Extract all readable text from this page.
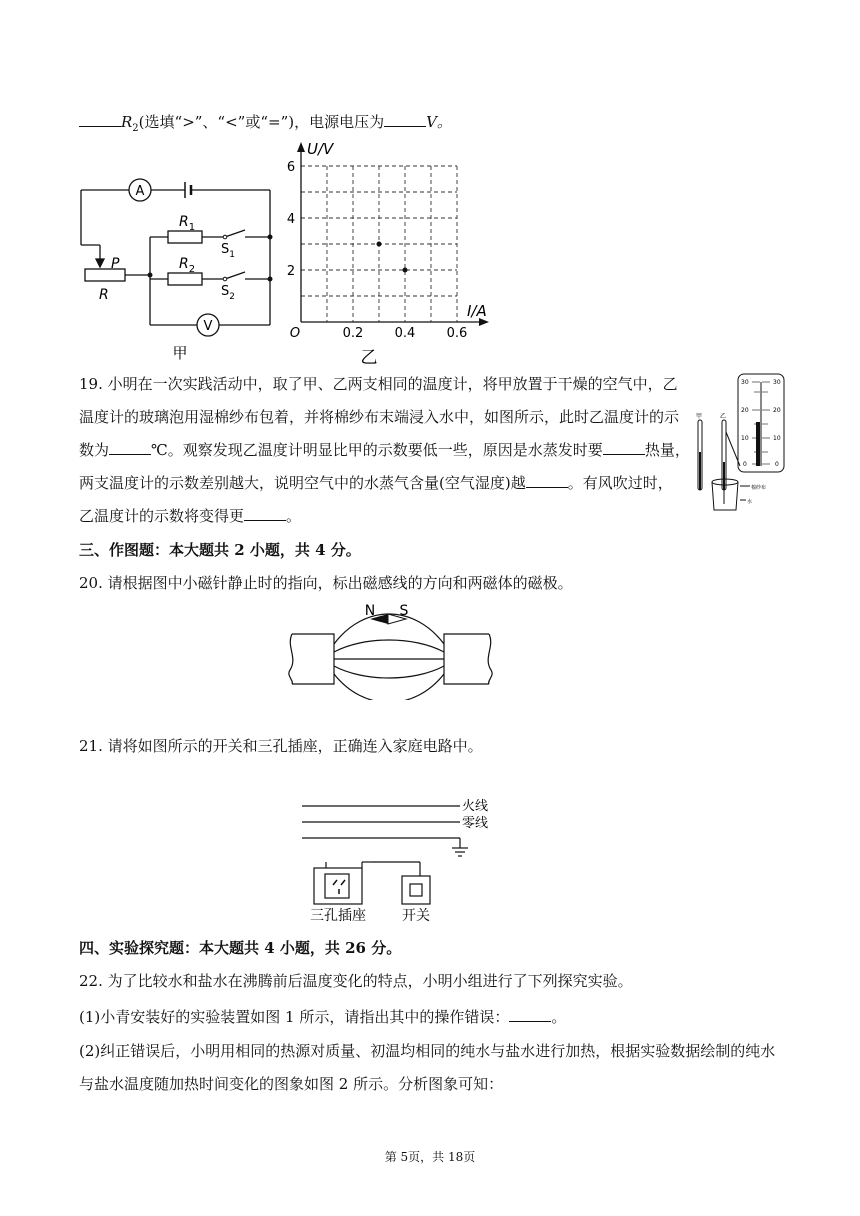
$R_2$(选填“>”、“<”或“=”)，电源电压为	V。
A
V
$R_1$
$R_2$
$S_1$
$S_2$
P
R
甲
U/V
I/A
O
6
4
2
0.2 0.4 0.6
乙
19. 小明在一次实践活动中，取了甲、乙两支相同的温度计，将甲放置于干燥的空气中，乙
温度计的玻璃泡用湿棉纱布包着，并将棉纱布末端浸入水中，如图所示，此时乙温度计的示
数为	℃。观察发现乙温度计明显比甲的示数要低一些，原因是水蒸发时要	热量，
两支温度计的示数差别越大，说明空气中的水蒸气含量(空气湿度)越	。有风吹过时，
乙温度计的示数将变得更	。
甲	乙
30	30
20	20
10	10
0	0
棉纱布
水
三、作图题：本大题共 2 小题，共 4 分。
20. 请根据图中小磁针静止时的指向，标出磁感线的方向和两磁体的磁极。
N S
21. 请将如图所示的开关和三孔插座，正确连入家庭电路中。
火线
零线
三孔插座	开关
四、实验探究题：本大题共 4 小题，共 26 分。
22. 为了比较水和盐水在沸腾前后温度变化的特点，小明小组进行了下列探究实验。
(1)小青安装好的实验装置如图 1 所示，请指出其中的操作错误：	。
(2)纠正错误后，小明用相同的热源对质量、初温均相同的纯水与盐水进行加热，根据实验数据绘制的纯水
与盐水温度随加热时间变化的图象如图 2 所示。分析图象可知：
第 5页，共 18页
